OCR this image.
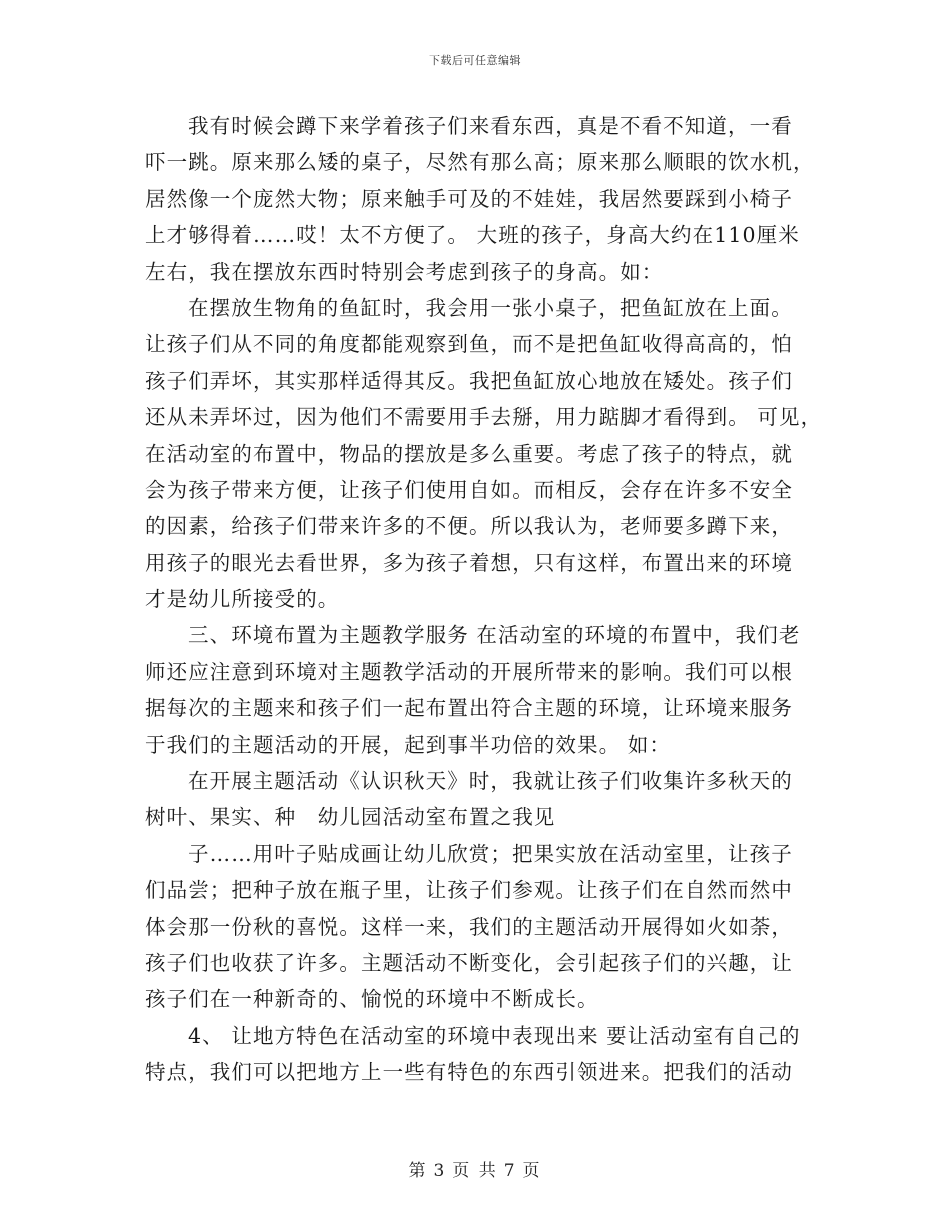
下载后可任意编辑
我有时候会蹲下来学着孩子们来看东西，真是不看不知道，一看
吓一跳。原来那么矮的桌子，尽然有那么高；原来那么顺眼的饮水机，
居然像一个庞然大物；原来触手可及的不娃娃，我居然要踩到小椅子
上才够得着……哎！太不方便了。 大班的孩子，身高大约在110厘米
左右，我在摆放东西时特别会考虑到孩子的身高。如：
在摆放生物角的鱼缸时，我会用一张小桌子，把鱼缸放在上面。
让孩子们从不同的角度都能观察到鱼，而不是把鱼缸收得高高的，怕
孩子们弄坏，其实那样适得其反。我把鱼缸放心地放在矮处。孩子们
还从未弄坏过，因为他们不需要用手去掰，用力踮脚才看得到。 可见，
在活动室的布置中，物品的摆放是多么重要。考虑了孩子的特点，就
会为孩子带来方便，让孩子们使用自如。而相反，会存在许多不安全
的因素，给孩子们带来许多的不便。所以我认为，老师要多蹲下来，
用孩子的眼光去看世界，多为孩子着想，只有这样，布置出来的环境
才是幼儿所接受的。
三、环境布置为主题教学服务 在活动室的环境的布置中，我们老
师还应注意到环境对主题教学活动的开展所带来的影响。我们可以根
据每次的主题来和孩子们一起布置出符合主题的环境，让环境来服务
于我们的主题活动的开展，起到事半功倍的效果。 如：
在开展主题活动《认识秋天》时，我就让孩子们收集许多秋天的
树叶、果实、种　幼儿园活动室布置之我见
子……用叶子贴成画让幼儿欣赏；把果实放在活动室里，让孩子
们品尝；把种子放在瓶子里，让孩子们参观。让孩子们在自然而然中
体会那一份秋的喜悦。这样一来，我们的主题活动开展得如火如荼，
孩子们也收获了许多。主题活动不断变化，会引起孩子们的兴趣，让
孩子们在一种新奇的、愉悦的环境中不断成长。
4、 让地方特色在活动室的环境中表现出来 要让活动室有自己的
特点，我们可以把地方上一些有特色的东西引领进来。把我们的活动
第 3 页 共 7 页
